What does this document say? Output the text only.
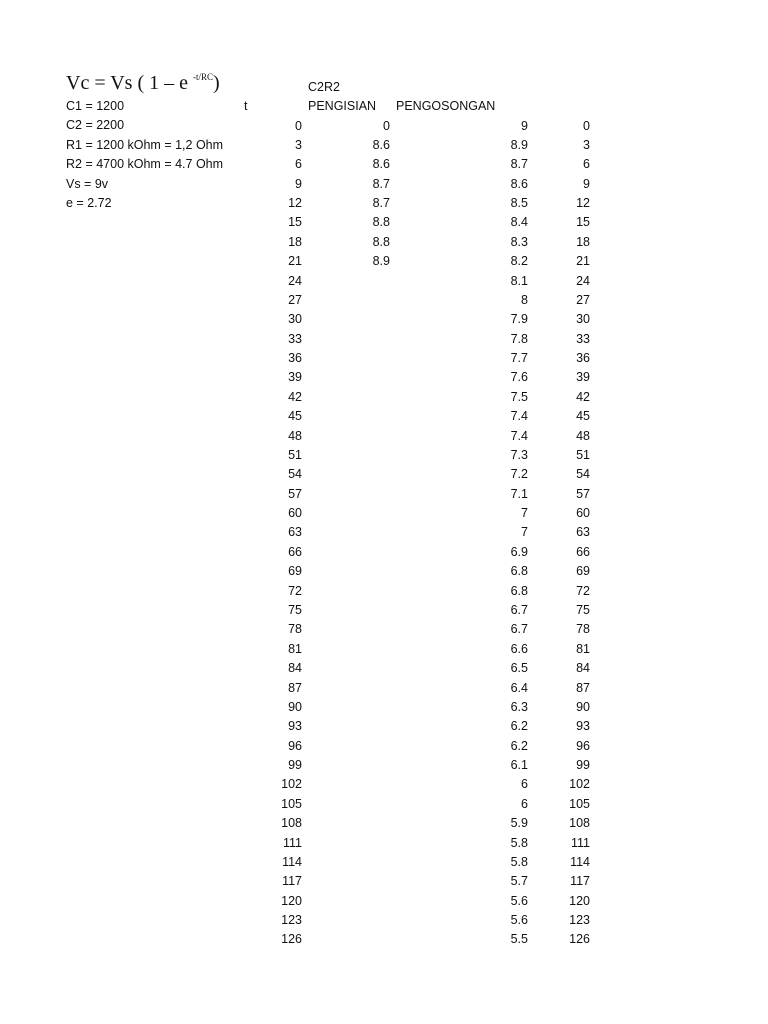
Vc = Vs ( 1 – e $^{-t/RC}$)
C1 = 1200
C2 = 2200
R1 = 1200 kOhm = 1,2 Ohm
R2 = 4700 kOhm = 4.7 Ohm
Vs = 9v
e = 2.72
C2R2
t	PENGISIAN PENGOSONGAN
0
3
6
9
12
15
18
21
24
27
30
33
36
39
42
45
48
51
54
57
60
63
66
69
72
75
78
81
84
87
90
93
96
99
102
105
108
111
114
117
120
123
126
0
8.6
8.6
8.7
8.7
8.8
8.8
8.9
9
8.9
8.7
8.6
8.5
8.4
8.3
8.2
8.1
8
7.9
7.8
7.7
7.6
7.5
7.4
7.4
7.3
7.2
7.1
7
7
6.9
6.8
6.8
6.7
6.7
6.6
6.5
6.4
6.3
6.2
6.2
6.1
6
6
5.9
5.8
5.8
5.7
5.6
5.6
5.5
0
3
6
9
12
15
18
21
24
27
30
33
36
39
42
45
48
51
54
57
60
63
66
69
72
75
78
81
84
87
90
93
96
99
102
105
108
111
114
117
120
123
126
